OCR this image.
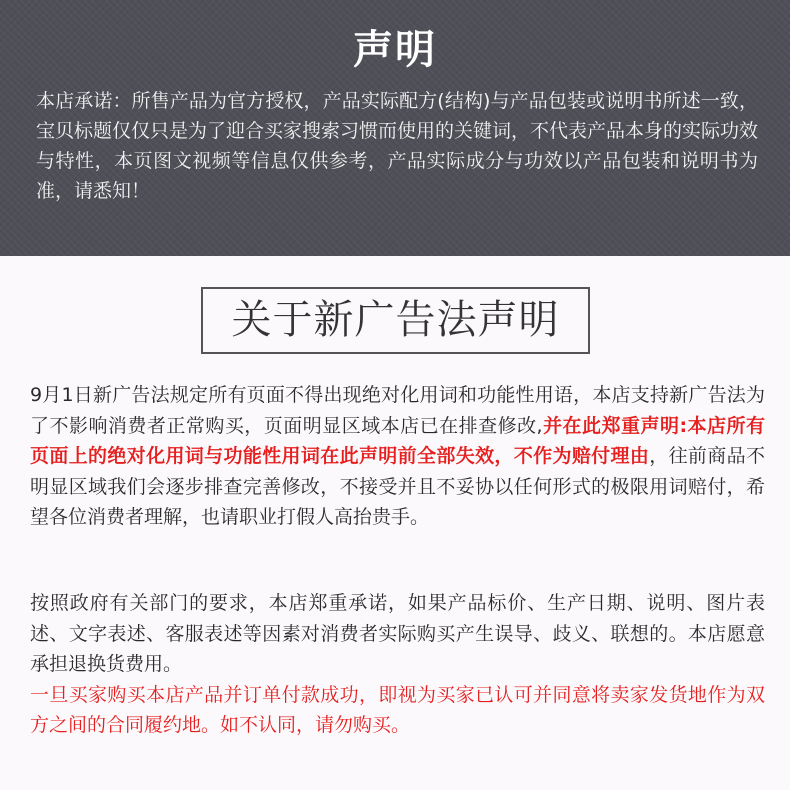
声明
本店承诺：所售产品为官方授权，产品实际配方(结构)与产品包装或说明书所述一致，宝贝标题仅仅只是为了迎合买家搜索习惯而使用的关键词，不代表产品本身的实际功效与特性，本页图文视频等信息仅供参考，产品实际成分与功效以产品包装和说明书为准，请悉知！
关于新广告法声明
9月1日新广告法规定所有页面不得出现绝对化用词和功能性用语，本店支持新广告法为了不影响消费者正常购买，页面明显区域本店已在排查修改,并在此郑重声明:本店所有页面上的绝对化用词与功能性用词在此声明前全部失效，不作为赔付理由，往前商品不明显区域我们会逐步排查完善修改，不接受并且不妥协以任何形式的极限用词赔付，希望各位消费者理解，也请职业打假人高抬贵手。
按照政府有关部门的要求，本店郑重承诺，如果产品标价、生产日期、说明、图片表述、文字表述、客服表述等因素对消费者实际购买产生误导、歧义、联想的。本店愿意承担退换货费用。
一旦买家购买本店产品并订单付款成功，即视为买家已认可并同意将卖家发货地作为双方之间的合同履约地。如不认同，请勿购买。
